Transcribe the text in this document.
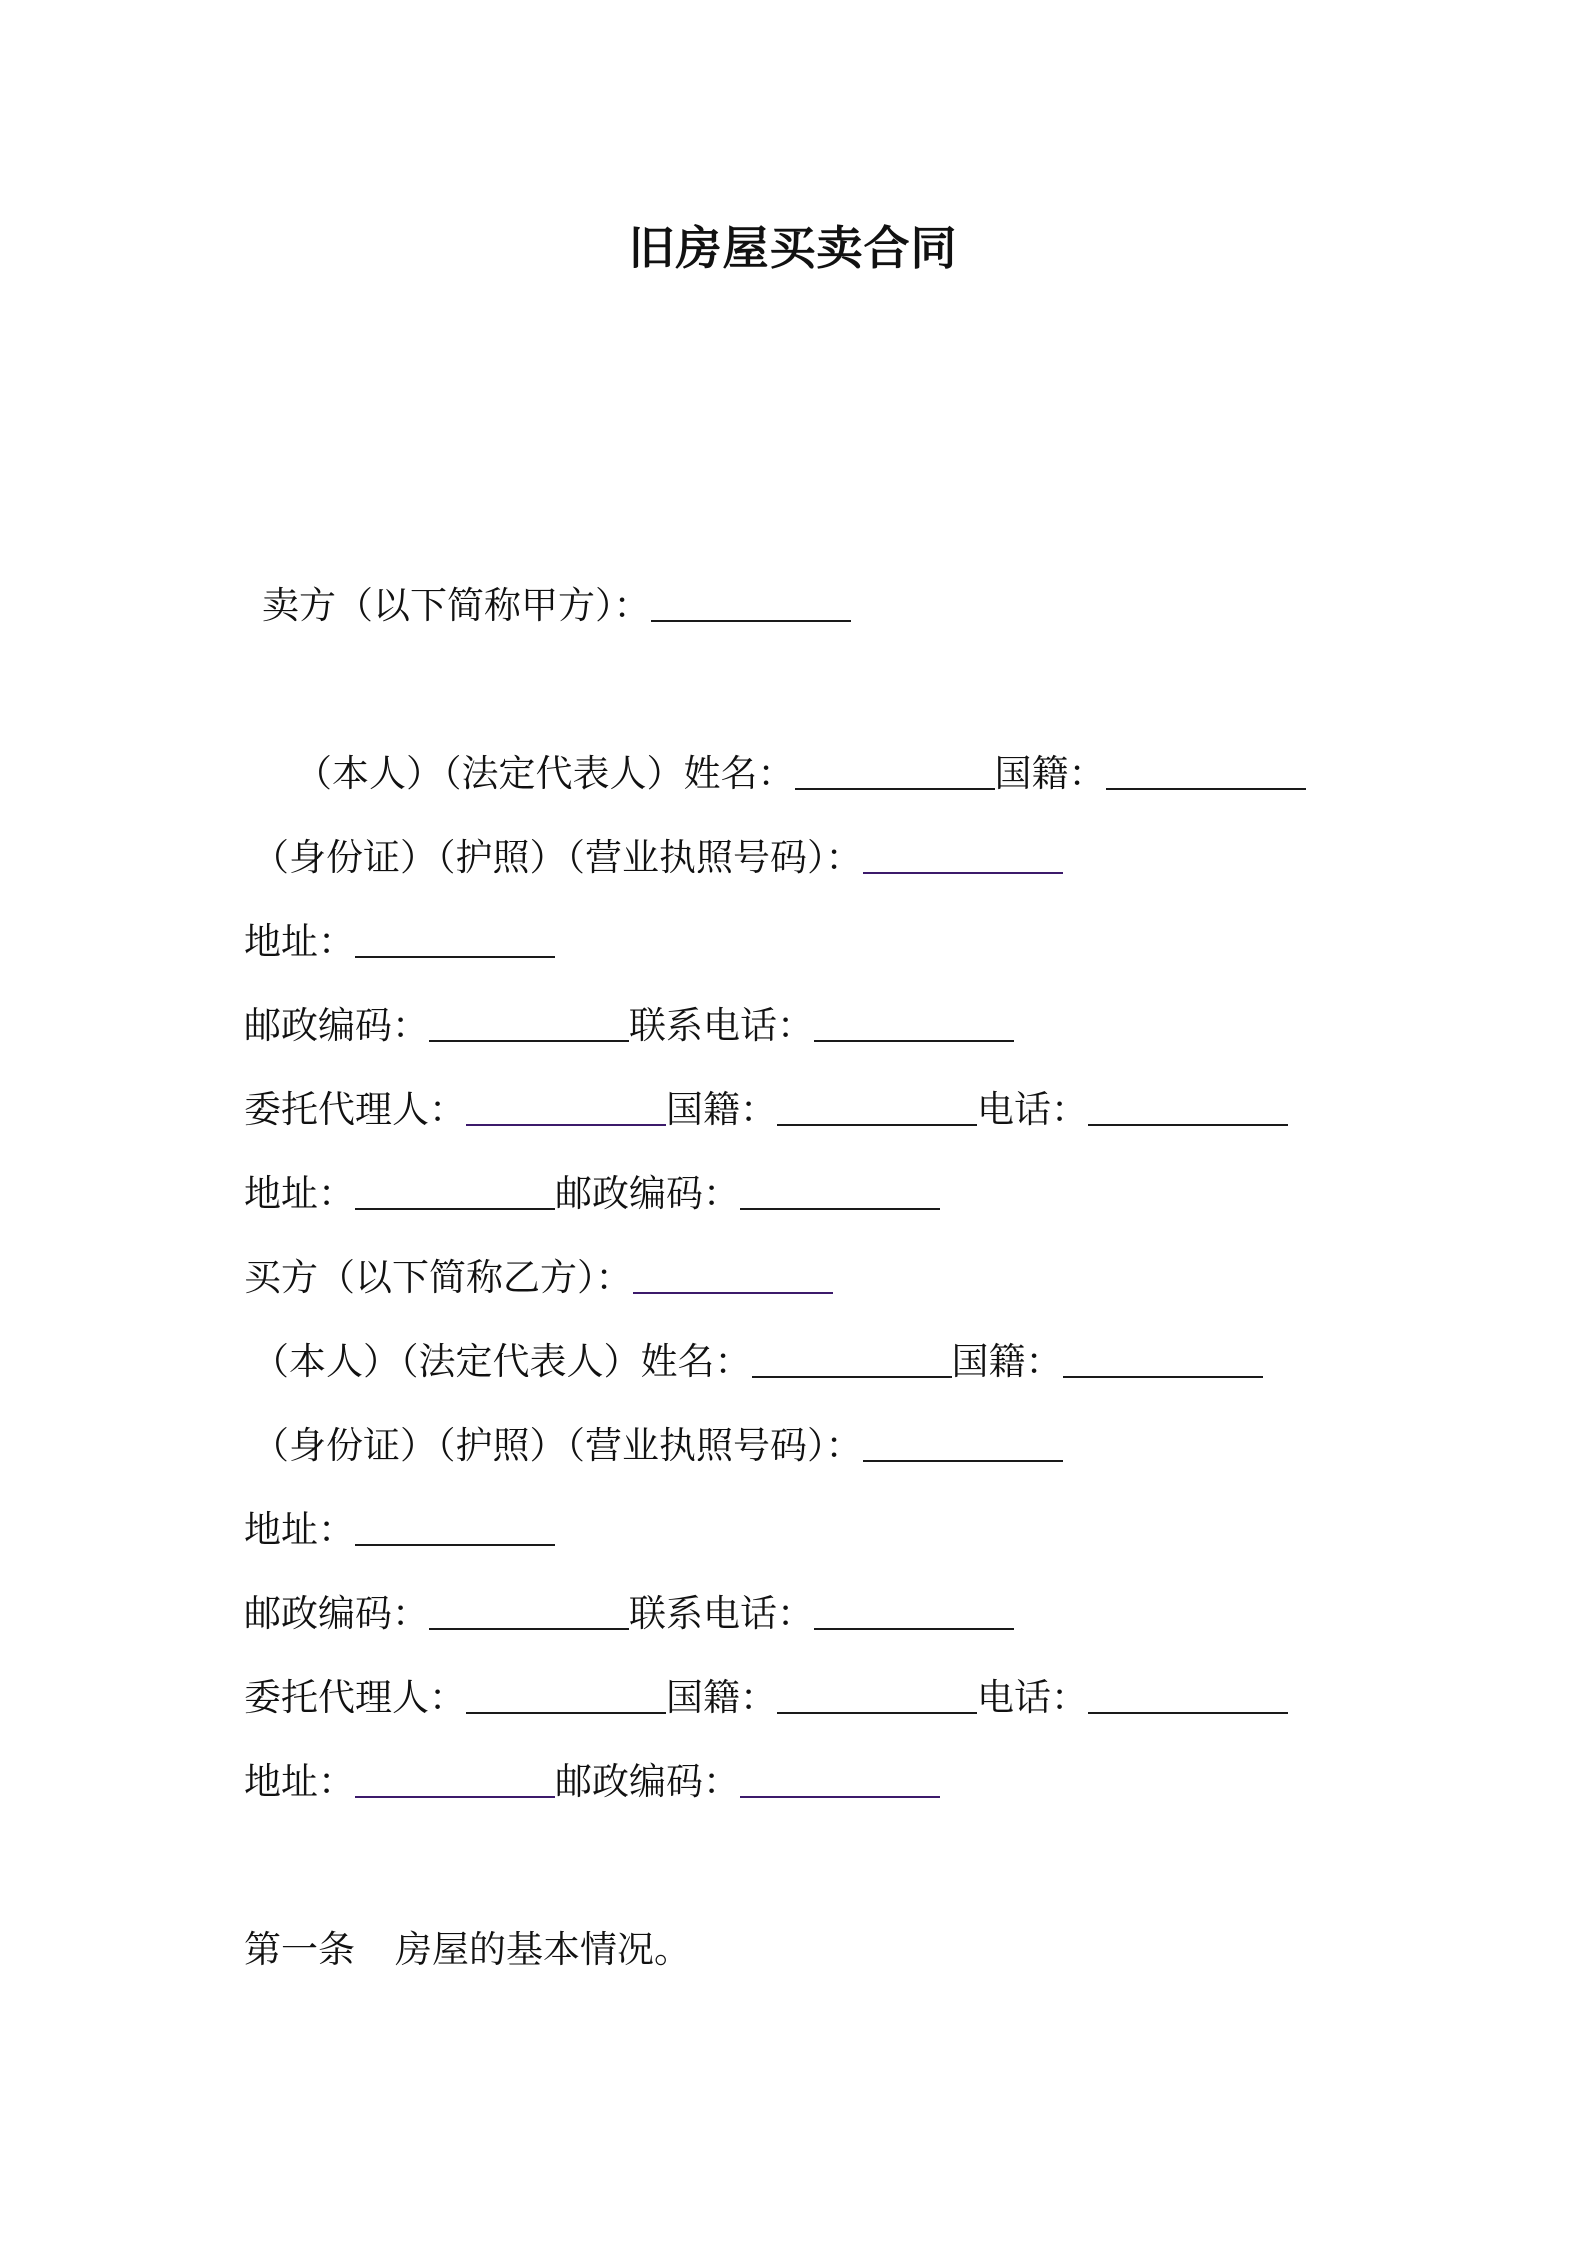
旧房屋买卖合同
卖方（以下简称甲方）：
（本人）（法定代表人）姓名：	国籍：
（身份证）（护照）（营业执照号码）：
地址：
邮政编码：	联系电话：
委托代理人：	国籍：	电话：
地址：	邮政编码：
买方（以下简称乙方）：
（本人）（法定代表人）姓名：	国籍：
（身份证）（护照）（营业执照号码）：
地址：
邮政编码：	联系电话：
委托代理人：	国籍：	电话：
地址：	邮政编码：
第一条 房屋的基本情况。
